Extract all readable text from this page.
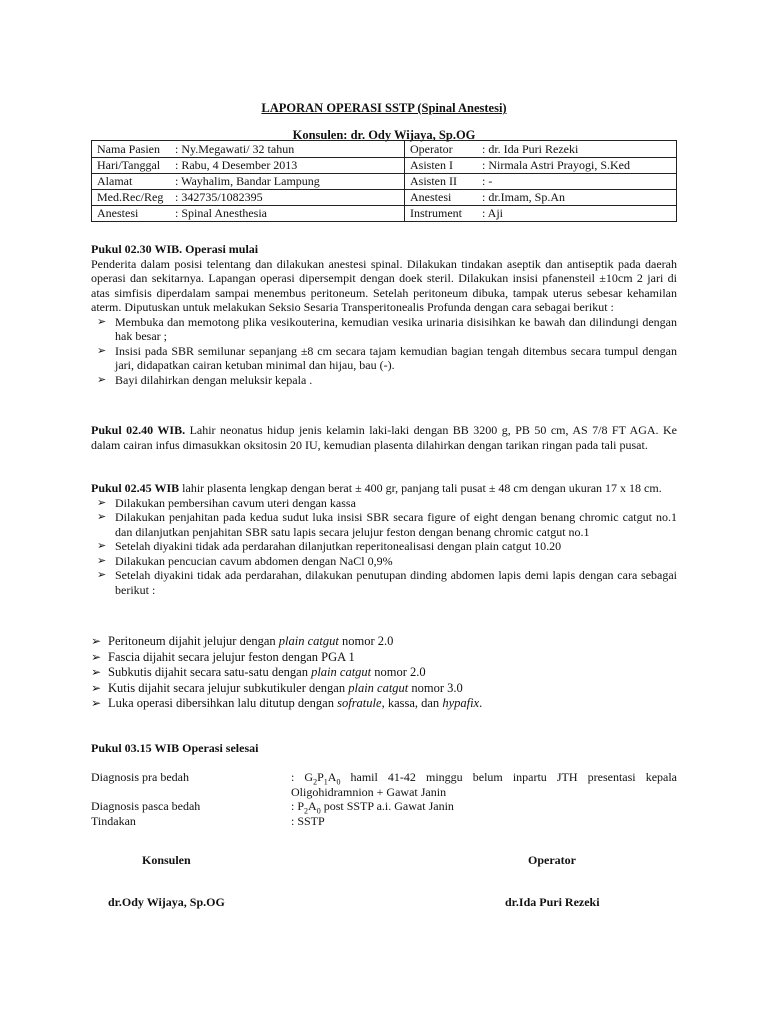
LAPORAN OPERASI SSTP (Spinal Anestesi)
Konsulen: dr. Ody Wijaya, Sp.OG
Nama Pasien : Ny.Megawati/ 32 tahun	Operator : dr. Ida Puri Rezeki
Hari/Tanggal : Rabu, 4 Desember 2013	Asisten I : Nirmala Astri Prayogi, S.Ked
Alamat : Wayhalim, Bandar Lampung	Asisten II : -
Med.Rec/Reg : 342735/1082395	Anestesi : dr.Imam, Sp.An
Anestesi : Spinal Anesthesia	Instrument : Aji
Pukul 02.30 WIB. Operasi mulai
Penderita dalam posisi telentang dan dilakukan anestesi spinal. Dilakukan tindakan aseptik dan antiseptik pada daerah operasi dan sekitarnya. Lapangan operasi dipersempit dengan doek steril. Dilakukan insisi pfanensteil ±10cm 2 jari di atas simfisis diperdalam sampai menembus peritoneum. Setelah peritoneum dibuka, tampak uterus sebesar kehamilan aterm. Diputuskan untuk melakukan Seksio Sesaria Transperitonealis Profunda dengan cara sebagai berikut :
➢ Membuka dan memotong plika vesikouterina, kemudian vesika urinaria disisihkan ke bawah dan dilindungi dengan hak besar ;
➢ Insisi pada SBR semilunar sepanjang ±8 cm secara tajam kemudian bagian tengah ditembus secara tumpul dengan jari, didapatkan cairan ketuban minimal dan hijau, bau (-).
➢ Bayi dilahirkan dengan meluksir kepala .
Pukul 02.40 WIB. Lahir neonatus hidup jenis kelamin laki-laki dengan BB 3200 g, PB 50 cm, AS 7/8 FT AGA. Ke dalam cairan infus dimasukkan oksitosin 20 IU, kemudian plasenta dilahirkan dengan tarikan ringan pada tali pusat.
Pukul 02.45 WIB lahir plasenta lengkap dengan berat ± 400 gr, panjang tali pusat ± 48 cm dengan ukuran 17 x 18 cm.
➢ Dilakukan pembersihan cavum uteri dengan kassa
➢ Dilakukan penjahitan pada kedua sudut luka insisi SBR secara figure of eight dengan benang chromic catgut no.1 dan dilanjutkan penjahitan SBR satu lapis secara jelujur feston dengan benang chromic catgut no.1
➢ Setelah diyakini tidak ada perdarahan dilanjutkan reperitonealisasi dengan plain catgut 10.20
➢ Dilakukan pencucian cavum abdomen dengan NaCl 0,9%
➢ Setelah diyakini tidak ada perdarahan, dilakukan penutupan dinding abdomen lapis demi lapis dengan cara sebagai berikut :
➢ Peritoneum dijahit jelujur dengan plain catgut nomor 2.0
➢ Fascia dijahit secara jelujur feston dengan PGA 1
➢ Subkutis dijahit secara satu-satu dengan plain catgut nomor 2.0
➢ Kutis dijahit secara jelujur subkutikuler dengan plain catgut nomor 3.0
➢ Luka operasi dibersihkan lalu ditutup dengan sofratule, kassa, dan hypafix.
Pukul 03.15 WIB Operasi selesai
Diagnosis pra bedah	: $G_2P_1A_0$ hamil 41-42 minggu belum inpartu JTH presentasi kepala Oligohidramnion + Gawat Janin
Diagnosis pasca bedah	: $P_2A_0$ post SSTP a.i. Gawat Janin
Tindakan	: SSTP
Konsulen	Operator
dr.Ody Wijaya, Sp.OG	dr.Ida Puri Rezeki
